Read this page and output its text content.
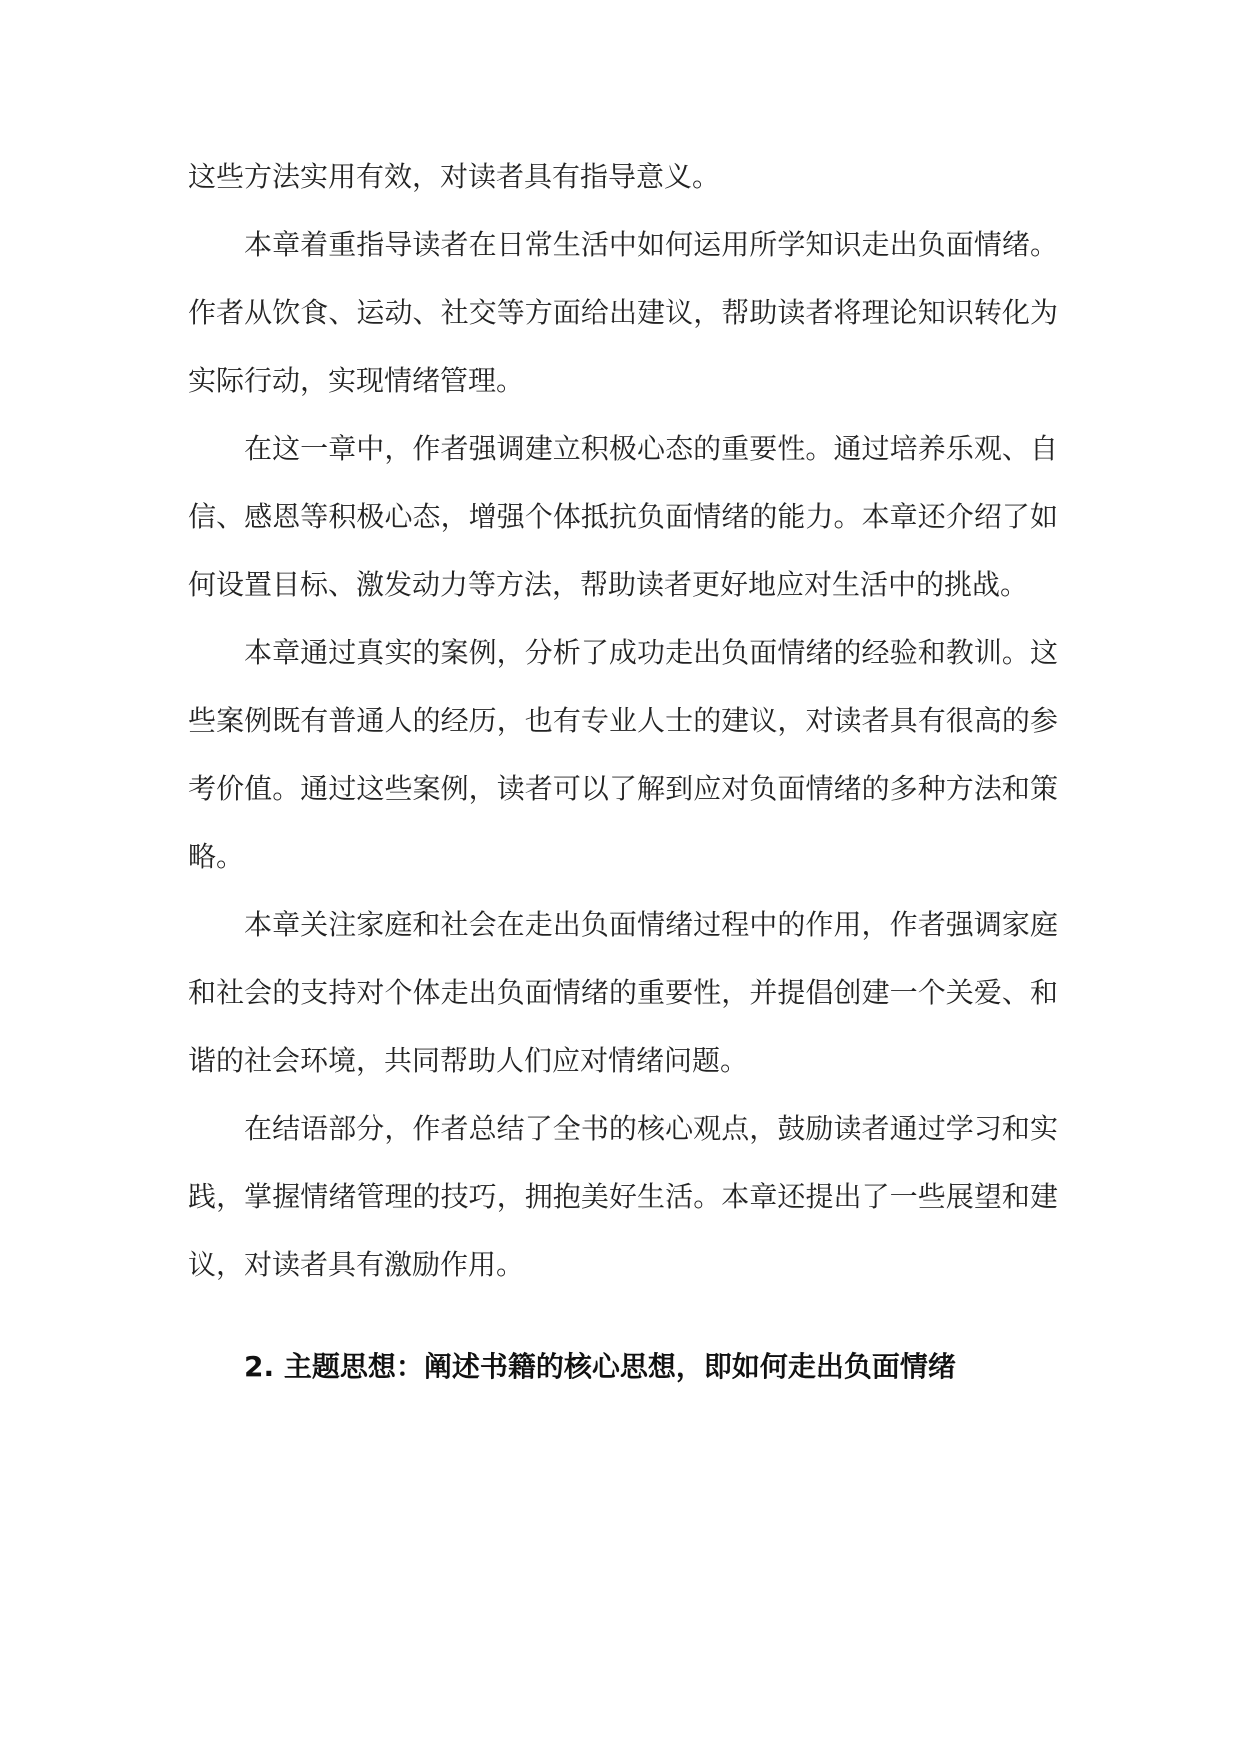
这些方法实用有效，对读者具有指导意义。

本章着重指导读者在日常生活中如何运用所学知识走出负面情绪。作者从饮食、运动、社交等方面给出建议，帮助读者将理论知识转化为实际行动，实现情绪管理。

在这一章中，作者强调建立积极心态的重要性。通过培养乐观、自信、感恩等积极心态，增强个体抵抗负面情绪的能力。本章还介绍了如何设置目标、激发动力等方法，帮助读者更好地应对生活中的挑战。

本章通过真实的案例，分析了成功走出负面情绪的经验和教训。这些案例既有普通人的经历，也有专业人士的建议，对读者具有很高的参考价值。通过这些案例，读者可以了解到应对负面情绪的多种方法和策略。

本章关注家庭和社会在走出负面情绪过程中的作用，作者强调家庭和社会的支持对个体走出负面情绪的重要性，并提倡创建一个关爱、和谐的社会环境，共同帮助人们应对情绪问题。

在结语部分，作者总结了全书的核心观点，鼓励读者通过学习和实践，掌握情绪管理的技巧，拥抱美好生活。本章还提出了一些展望和建议，对读者具有激励作用。

2. 主题思想：阐述书籍的核心思想，即如何走出负面情绪
